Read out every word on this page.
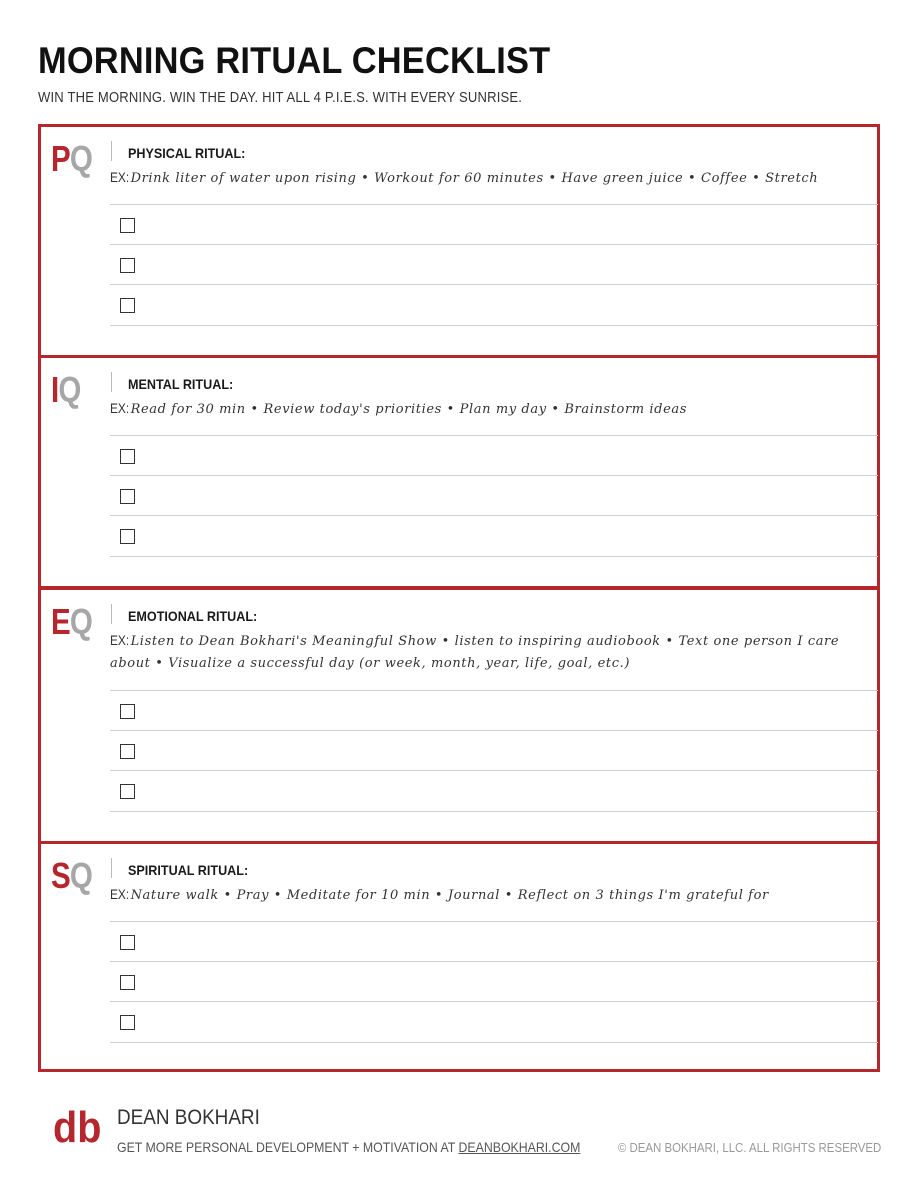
MORNING RITUAL CHECKLIST
WIN THE MORNING. WIN THE DAY. HIT ALL 4 P.I.E.S. WITH EVERY SUNRISE.
PQ	PHYSICAL RITUAL:
EX:Drink liter of water upon rising • Workout for 60 minutes • Have green juice • Coffee • Stretch
IQ	MENTAL RITUAL:
EX:Read for 30 min • Review today's priorities • Plan my day • Brainstorm ideas
EQ	EMOTIONAL RITUAL:
EX:Listen to Dean Bokhari's Meaningful Show • listen to inspiring audiobook • Text one person I care about • Visualize a successful day (or week, month, year, life, goal, etc.)
SQ	SPIRITUAL RITUAL:
EX:Nature walk • Pray • Meditate for 10 min • Journal • Reflect on 3 things I'm grateful for
db DEAN BOKHARI
GET MORE PERSONAL DEVELOPMENT + MOTIVATION AT DEANBOKHARI.COM	© DEAN BOKHARI, LLC. ALL RIGHTS RESERVED
